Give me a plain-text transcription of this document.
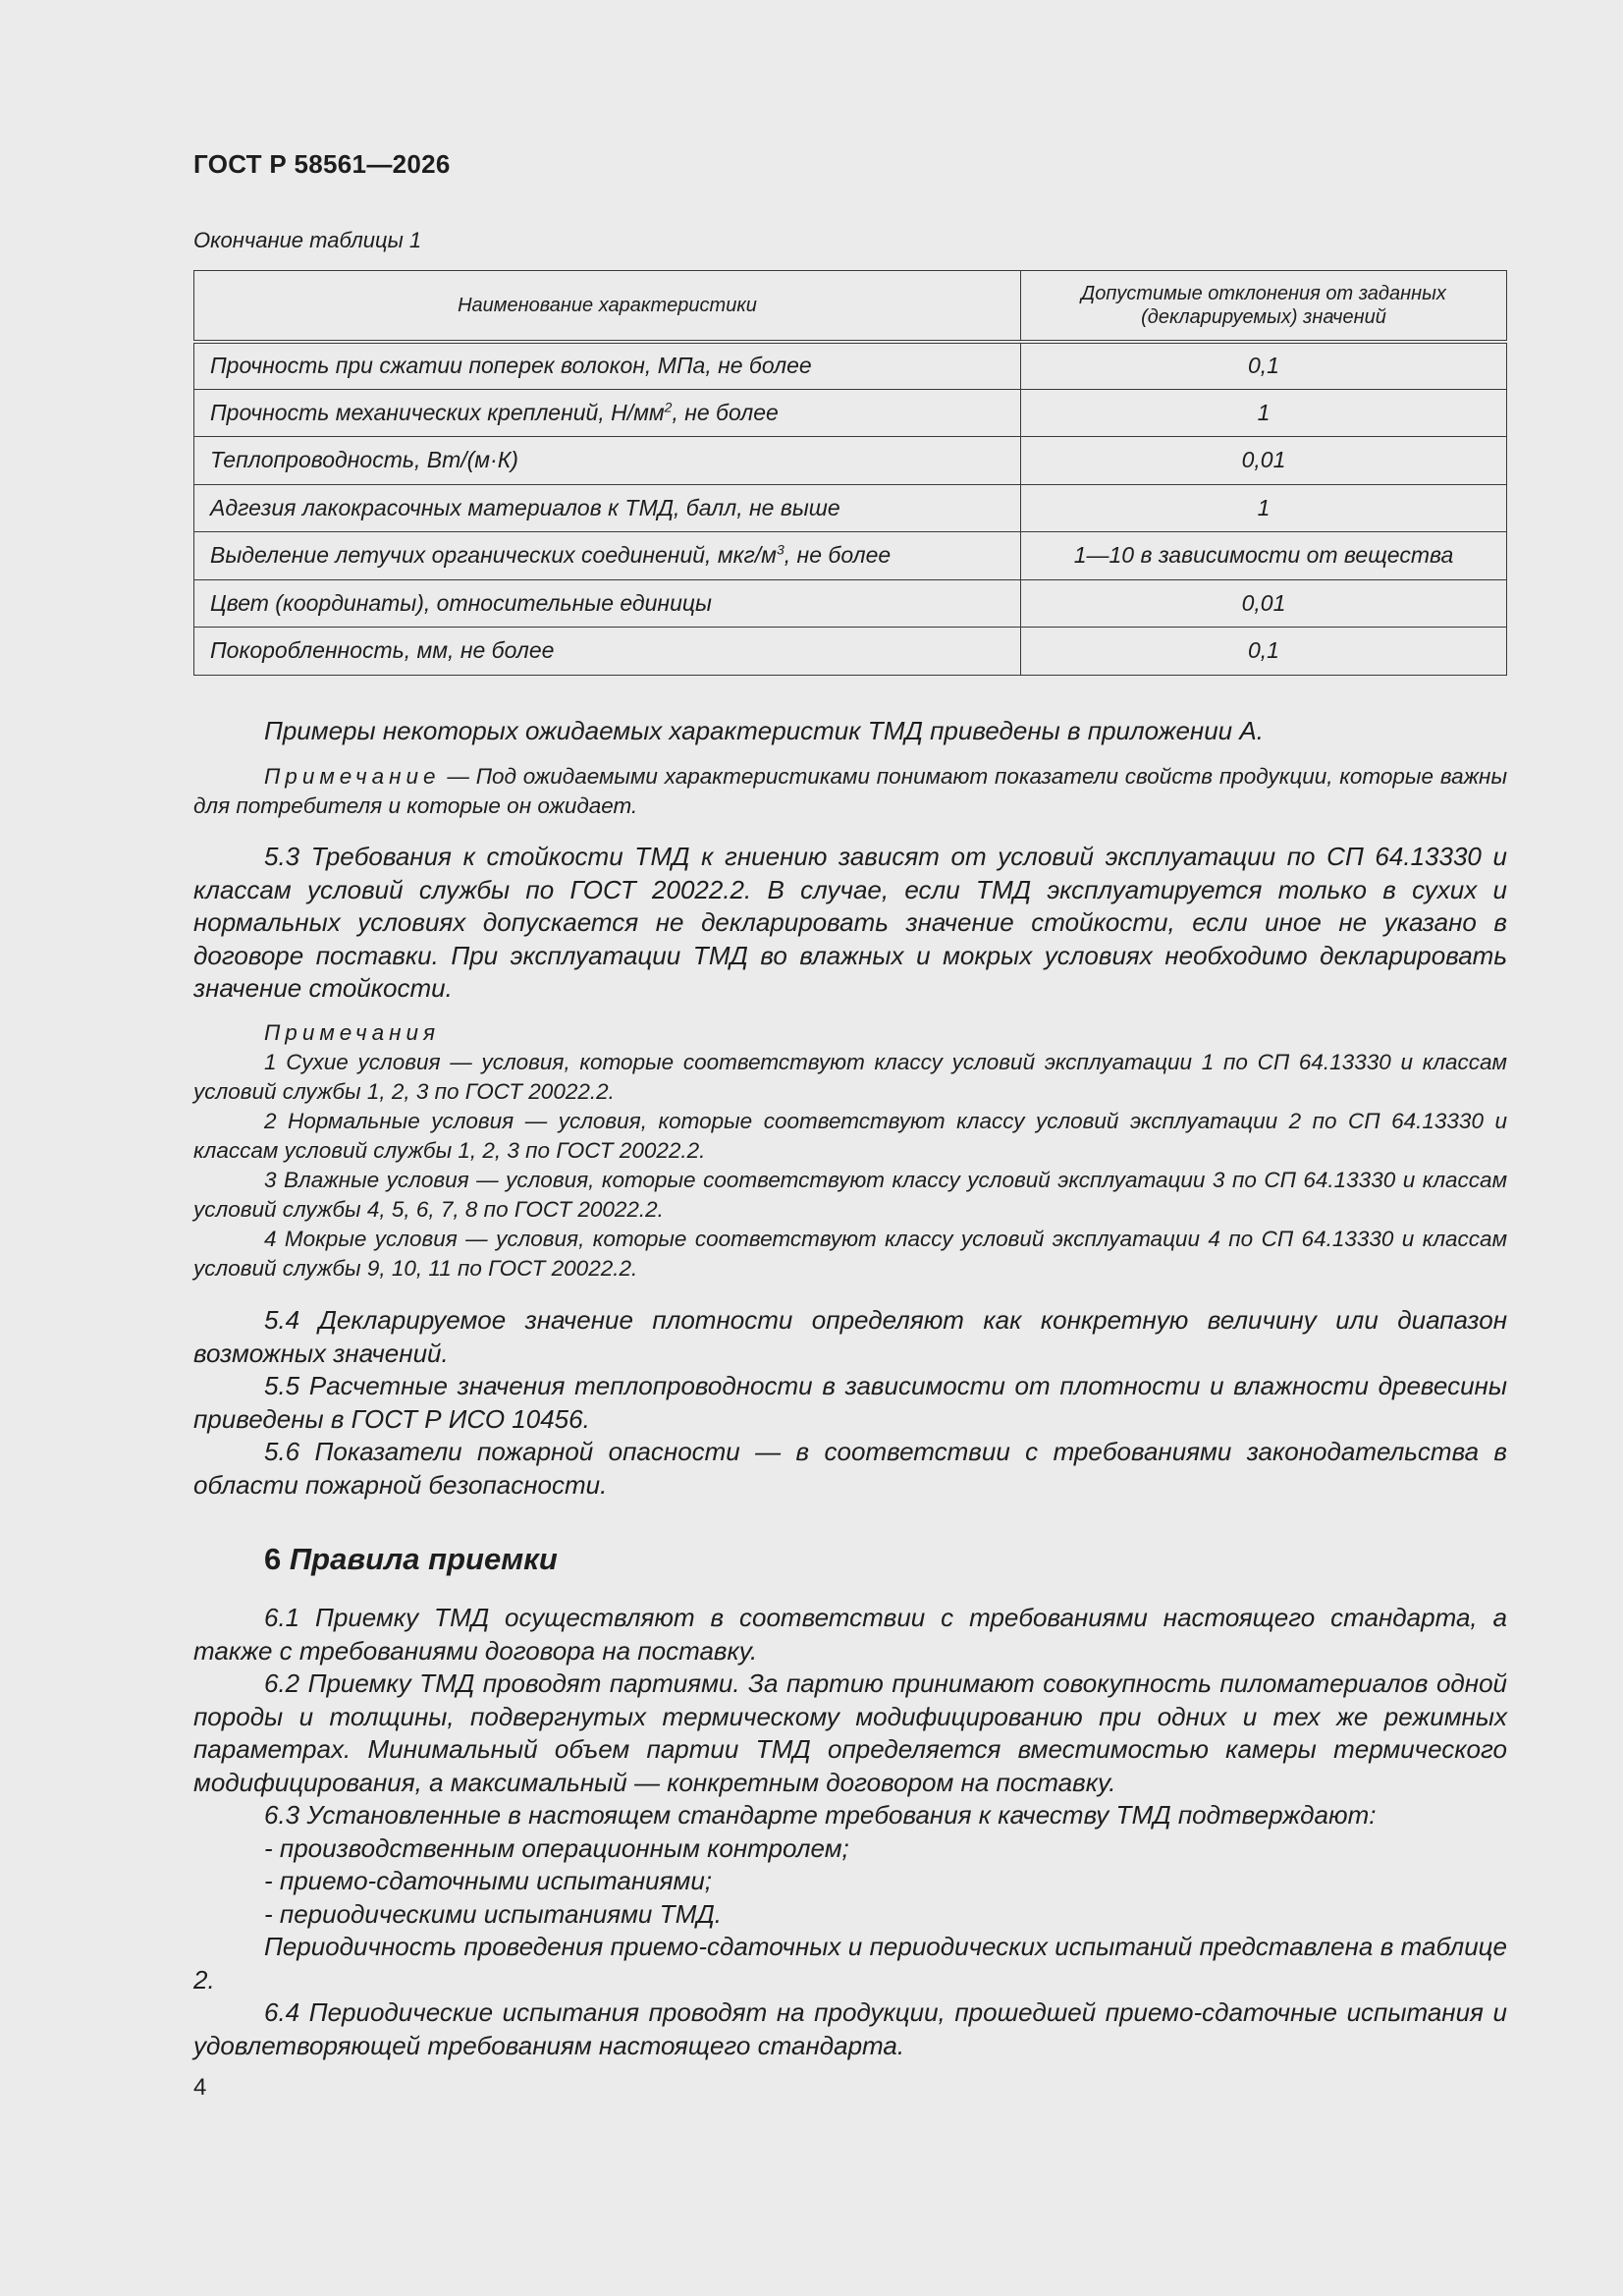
ГОСТ Р 58561—2026
Окончание таблицы 1
Наименование характеристики	Допустимые отклонения от заданных (декларируемых) значений
Прочность при сжатии поперек волокон, МПа, не более	0,1
Прочность механических креплений, $Н/мм^2$, не более	1
Теплопроводность, Вт/(м·К)	0,01
Адгезия лакокрасочных материалов к ТМД, балл, не выше	1
Выделение летучих органических соединений, мкг/$м^3$, не более	1—10 в зависимости от вещества
Цвет (координаты), относительные единицы	0,01
Покоробленность, мм, не более	0,1

Примеры некоторых ожидаемых характеристик ТМД приведены в приложении А.

Примечание — Под ожидаемыми характеристиками понимают показатели свойств продукции, которые важны для потребителя и которые он ожидает.

5.3 Требования к стойкости ТМД к гниению зависят от условий эксплуатации по СП 64.13330 и классам условий службы по ГОСТ 20022.2. В случае, если ТМД эксплуатируется только в сухих и нормальных условиях допускается не декларировать значение стойкости, если иное не указано в договоре поставки. При эксплуатации ТМД во влажных и мокрых условиях необходимо декларировать значение стойкости.

Примечания

1 Сухие условия — условия, которые соответствуют классу условий эксплуатации 1 по СП 64.13330 и классам условий службы 1, 2, 3 по ГОСТ 20022.2.

2 Нормальные условия — условия, которые соответствуют классу условий эксплуатации 2 по СП 64.13330 и классам условий службы 1, 2, 3 по ГОСТ 20022.2.

3 Влажные условия — условия, которые соответствуют классу условий эксплуатации 3 по СП 64.13330 и классам условий службы 4, 5, 6, 7, 8 по ГОСТ 20022.2.

4 Мокрые условия — условия, которые соответствуют классу условий эксплуатации 4 по СП 64.13330 и классам условий службы 9, 10, 11 по ГОСТ 20022.2.

5.4 Декларируемое значение плотности определяют как конкретную величину или диапазон возможных значений.

5.5 Расчетные значения теплопроводности в зависимости от плотности и влажности древесины приведены в ГОСТ Р ИСО 10456.

5.6 Показатели пожарной опасности — в соответствии с требованиями законодательства в области пожарной безопасности.

6 Правила приемки

6.1 Приемку ТМД осуществляют в соответствии с требованиями настоящего стандарта, а также с требованиями договора на поставку.

6.2 Приемку ТМД проводят партиями. За партию принимают совокупность пиломатериалов одной породы и толщины, подвергнутых термическому модифицированию при одних и тех же режимных параметрах. Минимальный объем партии ТМД определяется вместимостью камеры термического модифицирования, а максимальный — конкретным договором на поставку.

6.3 Установленные в настоящем стандарте требования к качеству ТМД подтверждают:

- производственным операционным контролем;

- приемо-сдаточными испытаниями;

- периодическими испытаниями ТМД.

Периодичность проведения приемо-сдаточных и периодических испытаний представлена в таблице 2.

6.4 Периодические испытания проводят на продукции, прошедшей приемо-сдаточные испытания и удовлетворяющей требованиям настоящего стандарта.

4
